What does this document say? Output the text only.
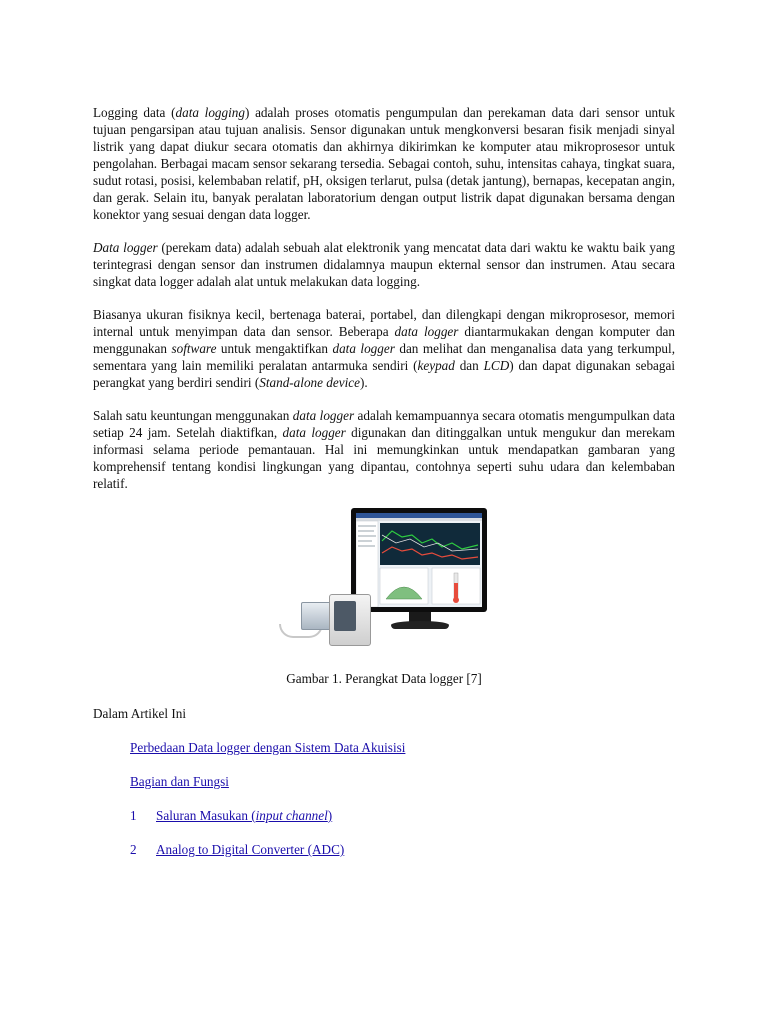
Logging data (data logging) adalah proses otomatis pengumpulan dan perekaman data dari sensor untuk tujuan pengarsipan atau tujuan analisis. Sensor digunakan untuk mengkonversi besaran fisik menjadi sinyal listrik yang dapat diukur secara otomatis dan akhirnya dikirimkan ke komputer atau mikroprosesor untuk pengolahan. Berbagai macam sensor sekarang tersedia. Sebagai contoh, suhu, intensitas cahaya, tingkat suara, sudut rotasi, posisi, kelembaban relatif, pH, oksigen terlarut, pulsa (detak jantung), bernapas, kecepatan angin, dan gerak. Selain itu, banyak peralatan laboratorium dengan output listrik dapat digunakan bersama dengan konektor yang sesuai dengan data logger.

Data logger (perekam data) adalah sebuah alat elektronik yang mencatat data dari waktu ke waktu baik yang terintegrasi dengan sensor dan instrumen didalamnya maupun ekternal sensor dan instrumen. Atau secara singkat data logger adalah alat untuk melakukan data logging.

Biasanya ukuran fisiknya kecil, bertenaga baterai, portabel, dan dilengkapi dengan mikroprosesor, memori internal untuk menyimpan data dan sensor. Beberapa data logger diantarmukakan dengan komputer dan menggunakan software untuk mengaktifkan data logger dan melihat dan menganalisa data yang terkumpul, sementara yang lain memiliki peralatan antarmuka sendiri (keypad dan LCD) dan dapat digunakan sebagai perangkat yang berdiri sendiri (Stand-alone device).

Salah satu keuntungan menggunakan data logger adalah kemampuannya secara otomatis mengumpulkan data setiap 24 jam. Setelah diaktifkan, data logger digunakan dan ditinggalkan untuk mengukur dan merekam informasi selama periode pemantauan. Hal ini memungkinkan untuk mendapatkan gambaran yang komprehensif tentang kondisi lingkungan yang dipantau, contohnya seperti suhu udara dan kelembaban relatif.

Gambar 1. Perangkat Data logger [7]
Dalam Artikel Ini
Perbedaan Data logger dengan Sistem Data Akuisisi
Bagian dan Fungsi
1 Saluran Masukan (input channel)
2 Analog to Digital Converter (ADC)
